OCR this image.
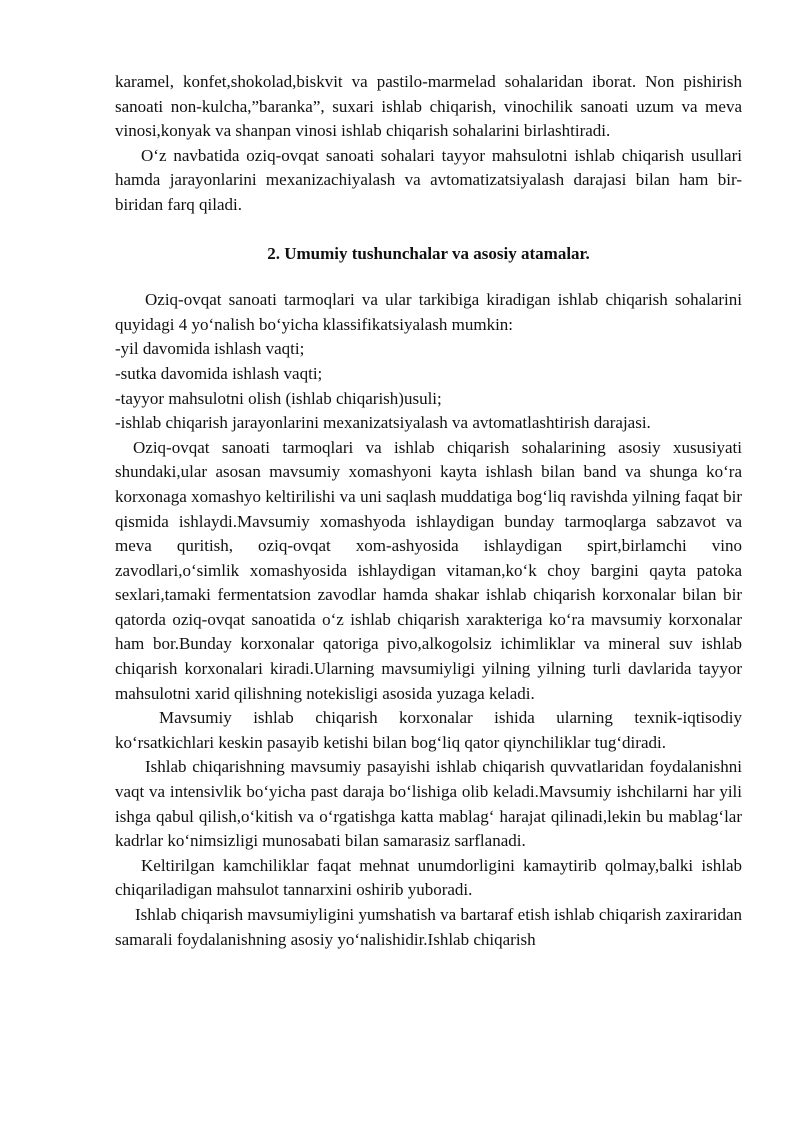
karamel, konfet,shokolad,biskvit va pastilo-marmelad sohalaridan iborat. Non pishirish sanoati non-kulcha,”baranka”, suxari ishlab chiqarish, vinochilik sanoati uzum va meva vinosi,konyak va shanpan vinosi ishlab chiqarish sohalarini birlashtiradi.

O‘z navbatida oziq-ovqat sanoati sohalari tayyor mahsulotni ishlab chiqarish usullari hamda jarayonlarini mexanizachiyalash va avtomatizatsiyalash darajasi bilan ham bir-biridan farq qiladi.

2. Umumiy tushunchalar va asosiy atamalar.

Oziq-ovqat sanoati tarmoqlari va ular tarkibiga kiradigan ishlab chiqarish sohalarini quyidagi 4 yo‘nalish bo‘yicha klassifikatsiyalash mumkin:

-yil davomida ishlash vaqti;

-sutka davomida ishlash vaqti;

-tayyor mahsulotni olish (ishlab chiqarish)usuli;

-ishlab chiqarish jarayonlarini mexanizatsiyalash va avtomatlashtirish darajasi.

Oziq-ovqat sanoati tarmoqlari va ishlab chiqarish sohalarining asosiy xususiyati shundaki,ular asosan mavsumiy xomashyoni kayta ishlash bilan band va shunga ko‘ra korxonaga xomashyo keltirilishi va uni saqlash muddatiga bog‘liq ravishda yilning faqat bir qismida ishlaydi.Mavsumiy xomashyoda ishlaydigan bunday tarmoqlarga sabzavot va meva quritish, oziq-ovqat xom-ashyosida ishlaydigan spirt,birlamchi vino zavodlari,o‘simlik xomashyosida ishlaydigan vitaman,ko‘k choy bargini qayta patoka sexlari,tamaki fermentatsion zavodlar hamda shakar ishlab chiqarish korxonalar bilan bir qatorda oziq-ovqat sanoatida o‘z ishlab chiqarish xarakteriga ko‘ra mavsumiy korxonalar ham bor.Bunday korxonalar qatoriga pivo,alkogolsiz ichimliklar va mineral suv ishlab chiqarish korxonalari kiradi.Ularning mavsumiyligi yilning yilning turli davlarida tayyor mahsulotni xarid qilishning notekisligi asosida yuzaga keladi.

Mavsumiy ishlab chiqarish korxonalar ishida ularning texnik-iqtisodiy ko‘rsatkichlari keskin pasayib ketishi bilan bog‘liq qator qiynchiliklar tug‘diradi.

Ishlab chiqarishning mavsumiy pasayishi ishlab chiqarish quvvatlaridan foydalanishni vaqt va intensivlik bo‘yicha past daraja bo‘lishiga olib keladi.Mavsumiy ishchilarni har yili ishga qabul qilish,o‘kitish va o‘rgatishga katta mablag‘ harajat qilinadi,lekin bu mablag‘lar kadrlar ko‘nimsizligi munosabati bilan samarasiz sarflanadi.

Keltirilgan kamchiliklar faqat mehnat unumdorligini kamaytirib qolmay,balki ishlab chiqariladigan mahsulot tannarxini oshirib yuboradi.

Ishlab chiqarish mavsumiyligini yumshatish va bartaraf etish ishlab chiqarish zaxiraridan samarali foydalanishning asosiy yo‘nalishidir.Ishlab chiqarish
